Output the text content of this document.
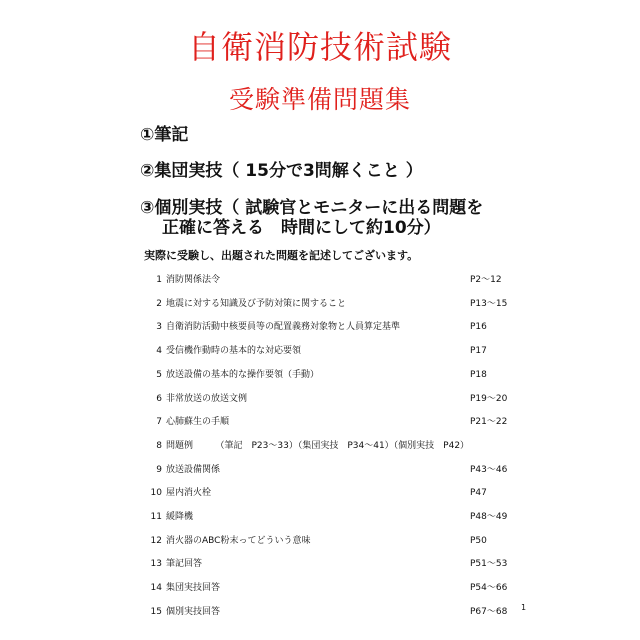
自衛消防技術試験
受験準備問題集
①筆記
②集団実技（ 15分で3問解くこと ）
③個別実技（ 試験官とモニターに出る問題を
正確に答える　時間にして約10分）
実際に受験し、出題された問題を記述してございます。
1 消防関係法令	P2～12
2 地震に対する知識及び予防対策に関すること	P13～15
3 自衛消防活動中核要員等の配置義務対象物と人員算定基準	P16
4 受信機作動時の基本的な対応要領	P17
5 放送設備の基本的な操作要領（手動）	P18
6 非常放送の放送文例	P19～20
7 心肺蘇生の手順	P21～22
8 問題例　　　（筆記　P23～33）（集団実技　P34～41）（個別実技　P42）
9 放送設備関係	P43～46
10 屋内消火栓	P47
11 緩降機	P48～49
12 消火器のABC粉末ってどういう意味	P50
13 筆記回答	P51～53
14 集団実技回答	P54～66
15 個別実技回答	P67～68 1
